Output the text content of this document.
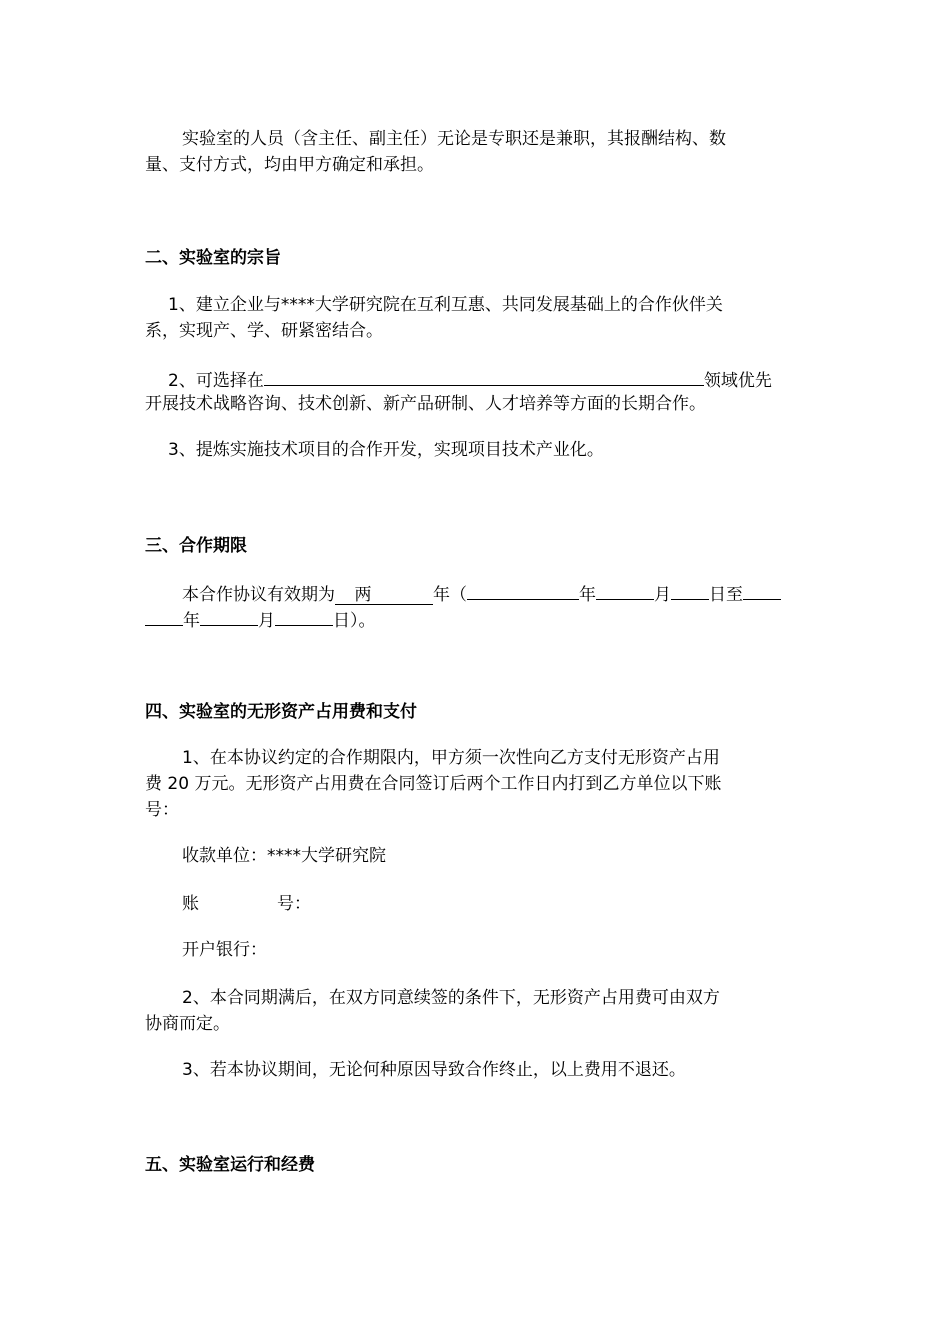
实验室的人员（含主任、副主任）无论是专职还是兼职，其报酬结构、数
量、支付方式，均由甲方确定和承担。
二、实验室的宗旨
1、建立企业与****大学研究院在互利互惠、共同发展基础上的合作伙伴关
系，实现产、学、研紧密结合。
2、可选择在	领域优先
开展技术战略咨询、技术创新、新产品研制、人才培养等方面的长期合作。
3、提炼实施技术项目的合作开发，实现项目技术产业化。
三、合作期限
本合作协议有效期为 两	年（	年	月 日至
年	月	日）。
四、实验室的无形资产占用费和支付
1、在本协议约定的合作期限内，甲方须一次性向乙方支付无形资产占用
费 20 万元。无形资产占用费在合同签订后两个工作日内打到乙方单位以下账
号：
收款单位：****大学研究院
账	号：
开户银行：
2、本合同期满后，在双方同意续签的条件下，无形资产占用费可由双方
协商而定。
3、若本协议期间，无论何种原因导致合作终止，以上费用不退还。
五、实验室运行和经费
